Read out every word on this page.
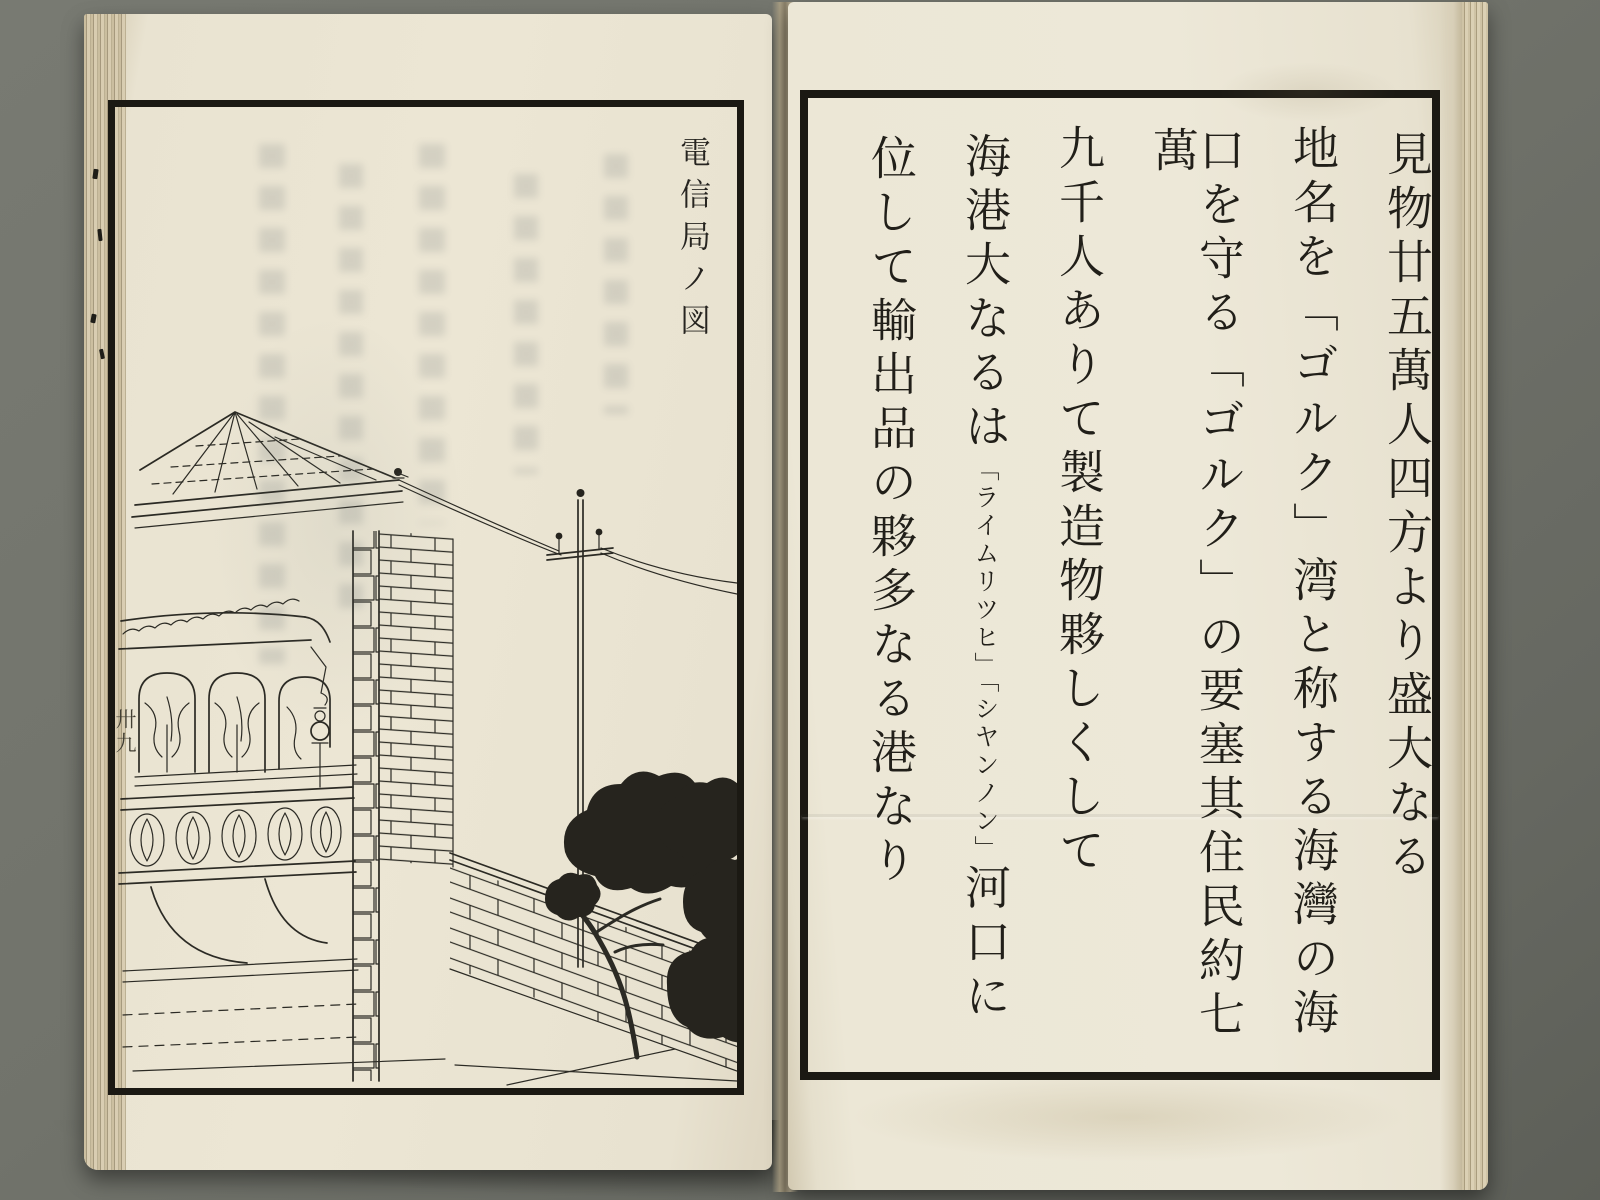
電信局ノ図
卅九	見物廿五萬人四方より盛大なる
地名を「ゴルク」湾と称する海灣の海
口を守る「ゴルク」の要塞其住民約七萬
九千人ありて製造物夥しくして
海港大なるは「ライムリツヒ」「シヤンノン」河口に
位して輸出品の夥多なる港なり
